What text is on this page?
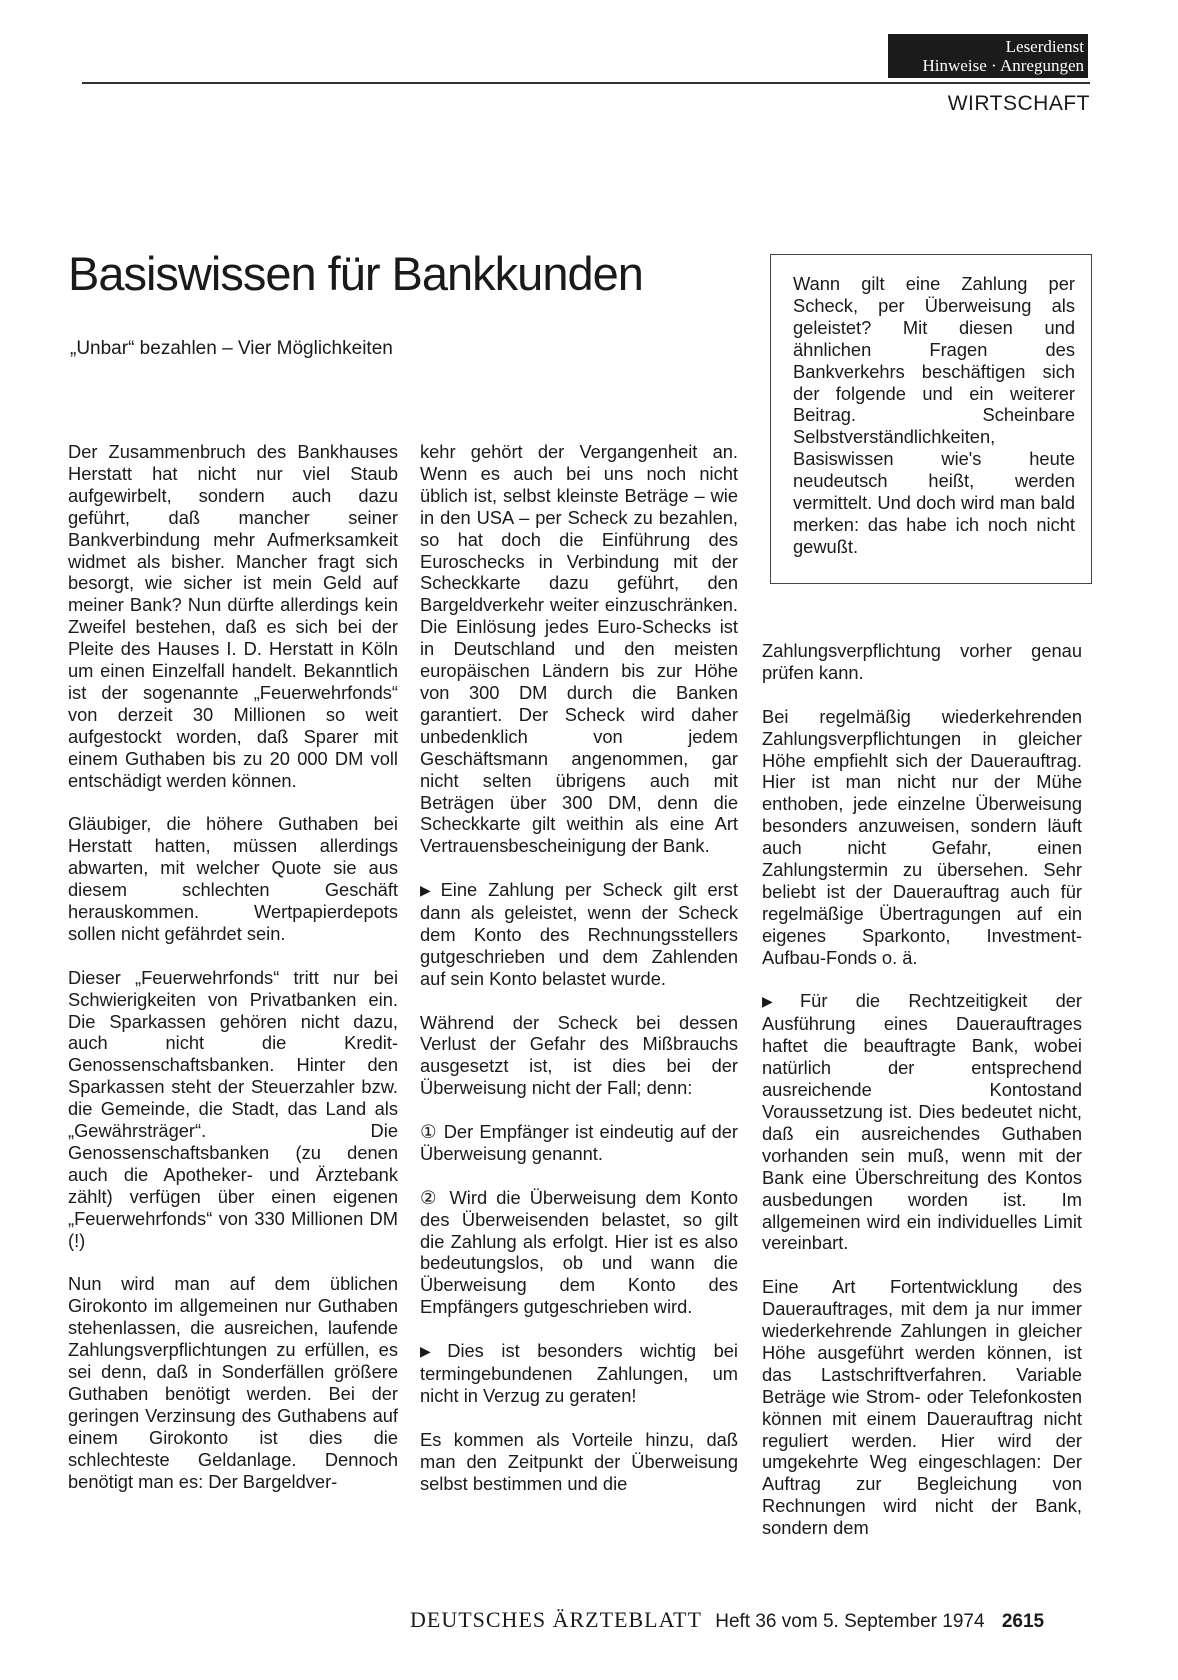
Leserdienst
Hinweise · Anregungen
WIRTSCHAFT
Basiswissen für Bankkunden
„Unbar“ bezahlen – Vier Möglichkeiten
Wann gilt eine Zahlung per Scheck, per Überweisung als geleistet? Mit diesen und ähnlichen Fragen des Bankverkehrs beschäftigen sich der folgende und ein weiterer Beitrag. Scheinbare Selbstverständlichkeiten, Basiswissen wie's heute neudeutsch heißt, werden vermittelt. Und doch wird man bald merken: das habe ich noch nicht gewußt.

Der Zusammenbruch des Bankhauses Herstatt hat nicht nur viel Staub aufgewirbelt, sondern auch dazu geführt, daß mancher seiner Bankverbindung mehr Aufmerksamkeit widmet als bisher. Mancher fragt sich besorgt, wie sicher ist mein Geld auf meiner Bank? Nun dürfte allerdings kein Zweifel bestehen, daß es sich bei der Pleite des Hauses I. D. Herstatt in Köln um einen Einzelfall handelt. Bekanntlich ist der sogenannte „Feuerwehrfonds“ von derzeit 30 Millionen so weit aufgestockt worden, daß Sparer mit einem Guthaben bis zu 20 000 DM voll entschädigt werden können.

Gläubiger, die höhere Guthaben bei Herstatt hatten, müssen allerdings abwarten, mit welcher Quote sie aus diesem schlechten Geschäft herauskommen. Wertpapierdepots sollen nicht gefährdet sein.

Dieser „Feuerwehrfonds“ tritt nur bei Schwierigkeiten von Privatbanken ein. Die Sparkassen gehören nicht dazu, auch nicht die Kredit-Genossenschaftsbanken. Hinter den Sparkassen steht der Steuerzahler bzw. die Gemeinde, die Stadt, das Land als „Gewährsträger“. Die Genossenschaftsbanken (zu denen auch die Apotheker- und Ärztebank zählt) verfügen über einen eigenen „Feuerwehrfonds“ von 330 Millionen DM (!)

Nun wird man auf dem üblichen Girokonto im allgemeinen nur Guthaben stehenlassen, die ausreichen, laufende Zahlungsverpflichtungen zu erfüllen, es sei denn, daß in Sonderfällen größere Guthaben benötigt werden. Bei der geringen Verzinsung des Guthabens auf einem Girokonto ist dies die schlechteste Geldanlage. Dennoch benötigt man es: Der Bargeldver-

kehr gehört der Vergangenheit an. Wenn es auch bei uns noch nicht üblich ist, selbst kleinste Beträge – wie in den USA – per Scheck zu bezahlen, so hat doch die Einführung des Euroschecks in Verbindung mit der Scheckkarte dazu geführt, den Bargeldverkehr weiter einzuschränken. Die Einlösung jedes Euro-Schecks ist in Deutschland und den meisten europäischen Ländern bis zur Höhe von 300 DM durch die Banken garantiert. Der Scheck wird daher unbedenklich von jedem Geschäftsmann angenommen, gar nicht selten übrigens auch mit Beträgen über 300 DM, denn die Scheckkarte gilt weithin als eine Art Vertrauensbescheinigung der Bank.

▶ Eine Zahlung per Scheck gilt erst dann als geleistet, wenn der Scheck dem Konto des Rechnungsstellers gutgeschrieben und dem Zahlenden auf sein Konto belastet wurde.

Während der Scheck bei dessen Verlust der Gefahr des Mißbrauchs ausgesetzt ist, ist dies bei der Überweisung nicht der Fall; denn:

① Der Empfänger ist eindeutig auf der Überweisung genannt.

② Wird die Überweisung dem Konto des Überweisenden belastet, so gilt die Zahlung als erfolgt. Hier ist es also bedeutungslos, ob und wann die Überweisung dem Konto des Empfängers gutgeschrieben wird.

▶ Dies ist besonders wichtig bei termingebundenen Zahlungen, um nicht in Verzug zu geraten!

Es kommen als Vorteile hinzu, daß man den Zeitpunkt der Überweisung selbst bestimmen und die

Zahlungsverpflichtung vorher genau prüfen kann.

Bei regelmäßig wiederkehrenden Zahlungsverpflichtungen in gleicher Höhe empfiehlt sich der Dauerauftrag. Hier ist man nicht nur der Mühe enthoben, jede einzelne Überweisung besonders anzuweisen, sondern läuft auch nicht Gefahr, einen Zahlungstermin zu übersehen. Sehr beliebt ist der Dauerauftrag auch für regelmäßige Übertragungen auf ein eigenes Sparkonto, Investment-Aufbau-Fonds o. ä.

▶ Für die Rechtzeitigkeit der Ausführung eines Dauerauftrages haftet die beauftragte Bank, wobei natürlich der entsprechend ausreichende Kontostand Voraussetzung ist. Dies bedeutet nicht, daß ein ausreichendes Guthaben vorhanden sein muß, wenn mit der Bank eine Überschreitung des Kontos ausbedungen worden ist. Im allgemeinen wird ein individuelles Limit vereinbart.

Eine Art Fortentwicklung des Dauerauftrages, mit dem ja nur immer wiederkehrende Zahlungen in gleicher Höhe ausgeführt werden können, ist das Lastschriftverfahren. Variable Beträge wie Strom- oder Telefonkosten können mit einem Dauerauftrag nicht reguliert werden. Hier wird der umgekehrte Weg eingeschlagen: Der Auftrag zur Begleichung von Rechnungen wird nicht der Bank, sondern dem

DEUTSCHES ÄRZTEBLATT Heft 36 vom 5. September 1974 2615
